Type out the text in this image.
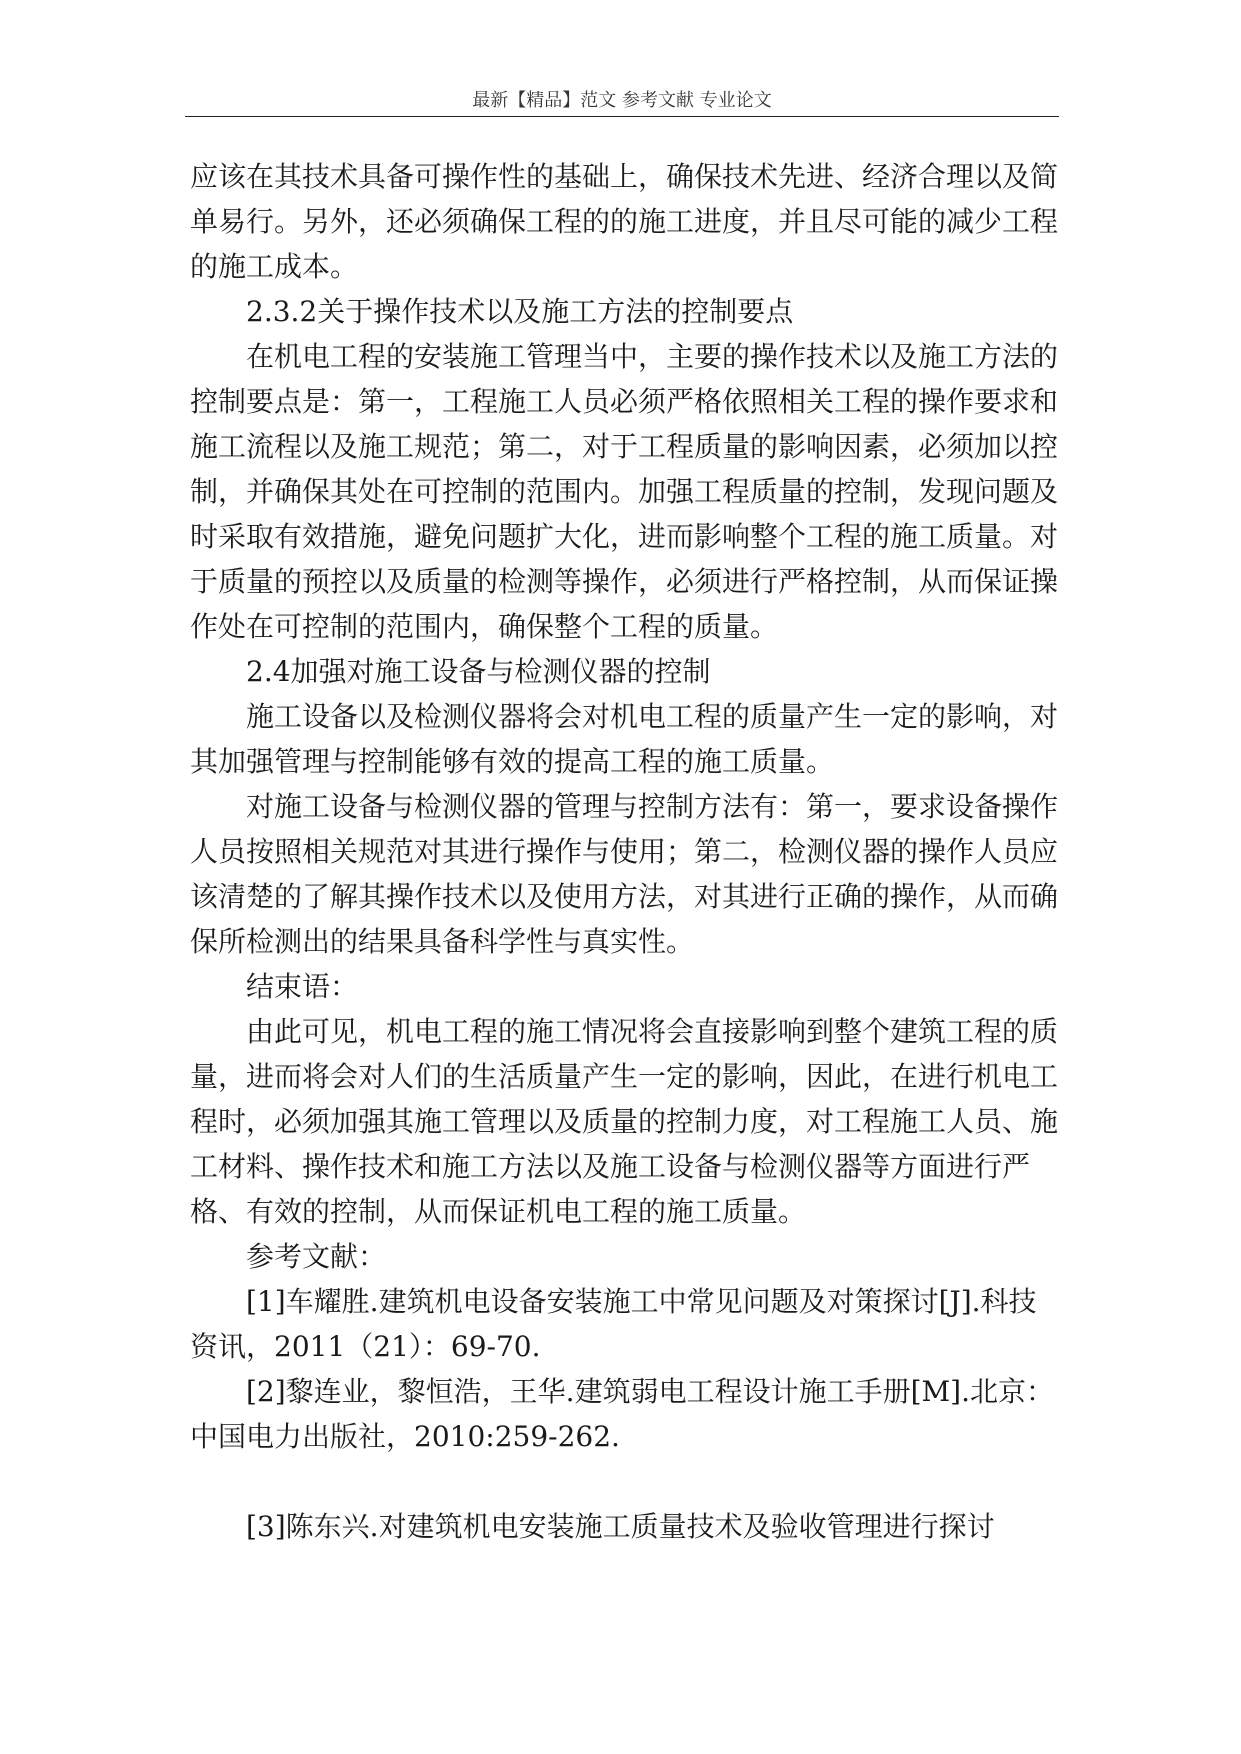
最新【精品】范文 参考文献 专业论文

应该在其技术具备可操作性的基础上，确保技术先进、经济合理以及简单易行。另外，还必须确保工程的的施工进度，并且尽可能的减少工程的施工成本。

2.3.2关于操作技术以及施工方法的控制要点

在机电工程的安装施工管理当中，主要的操作技术以及施工方法的控制要点是：第一，工程施工人员必须严格依照相关工程的操作要求和施工流程以及施工规范；第二，对于工程质量的影响因素，必须加以控制，并确保其处在可控制的范围内。加强工程质量的控制，发现问题及时采取有效措施，避免问题扩大化，进而影响整个工程的施工质量。对于质量的预控以及质量的检测等操作，必须进行严格控制，从而保证操作处在可控制的范围内，确保整个工程的质量。

2.4加强对施工设备与检测仪器的控制

施工设备以及检测仪器将会对机电工程的质量产生一定的影响，对其加强管理与控制能够有效的提高工程的施工质量。

对施工设备与检测仪器的管理与控制方法有：第一，要求设备操作人员按照相关规范对其进行操作与使用；第二，检测仪器的操作人员应该清楚的了解其操作技术以及使用方法，对其进行正确的操作，从而确保所检测出的结果具备科学性与真实性。

结束语：

由此可见，机电工程的施工情况将会直接影响到整个建筑工程的质量，进而将会对人们的生活质量产生一定的影响，因此，在进行机电工程时，必须加强其施工管理以及质量的控制力度，对工程施工人员、施工材料、操作技术和施工方法以及施工设备与检测仪器等方面进行严格、有效的控制，从而保证机电工程的施工质量。

参考文献：

[1]车耀胜.建筑机电设备安装施工中常见问题及对策探讨[J].科技资讯，2011（21）：69-70.

[2]黎连业，黎恒浩，王华.建筑弱电工程设计施工手册[M].北京：中国电力出版社，2010:259-262.

[3]陈东兴.对建筑机电安装施工质量技术及验收管理进行探讨
